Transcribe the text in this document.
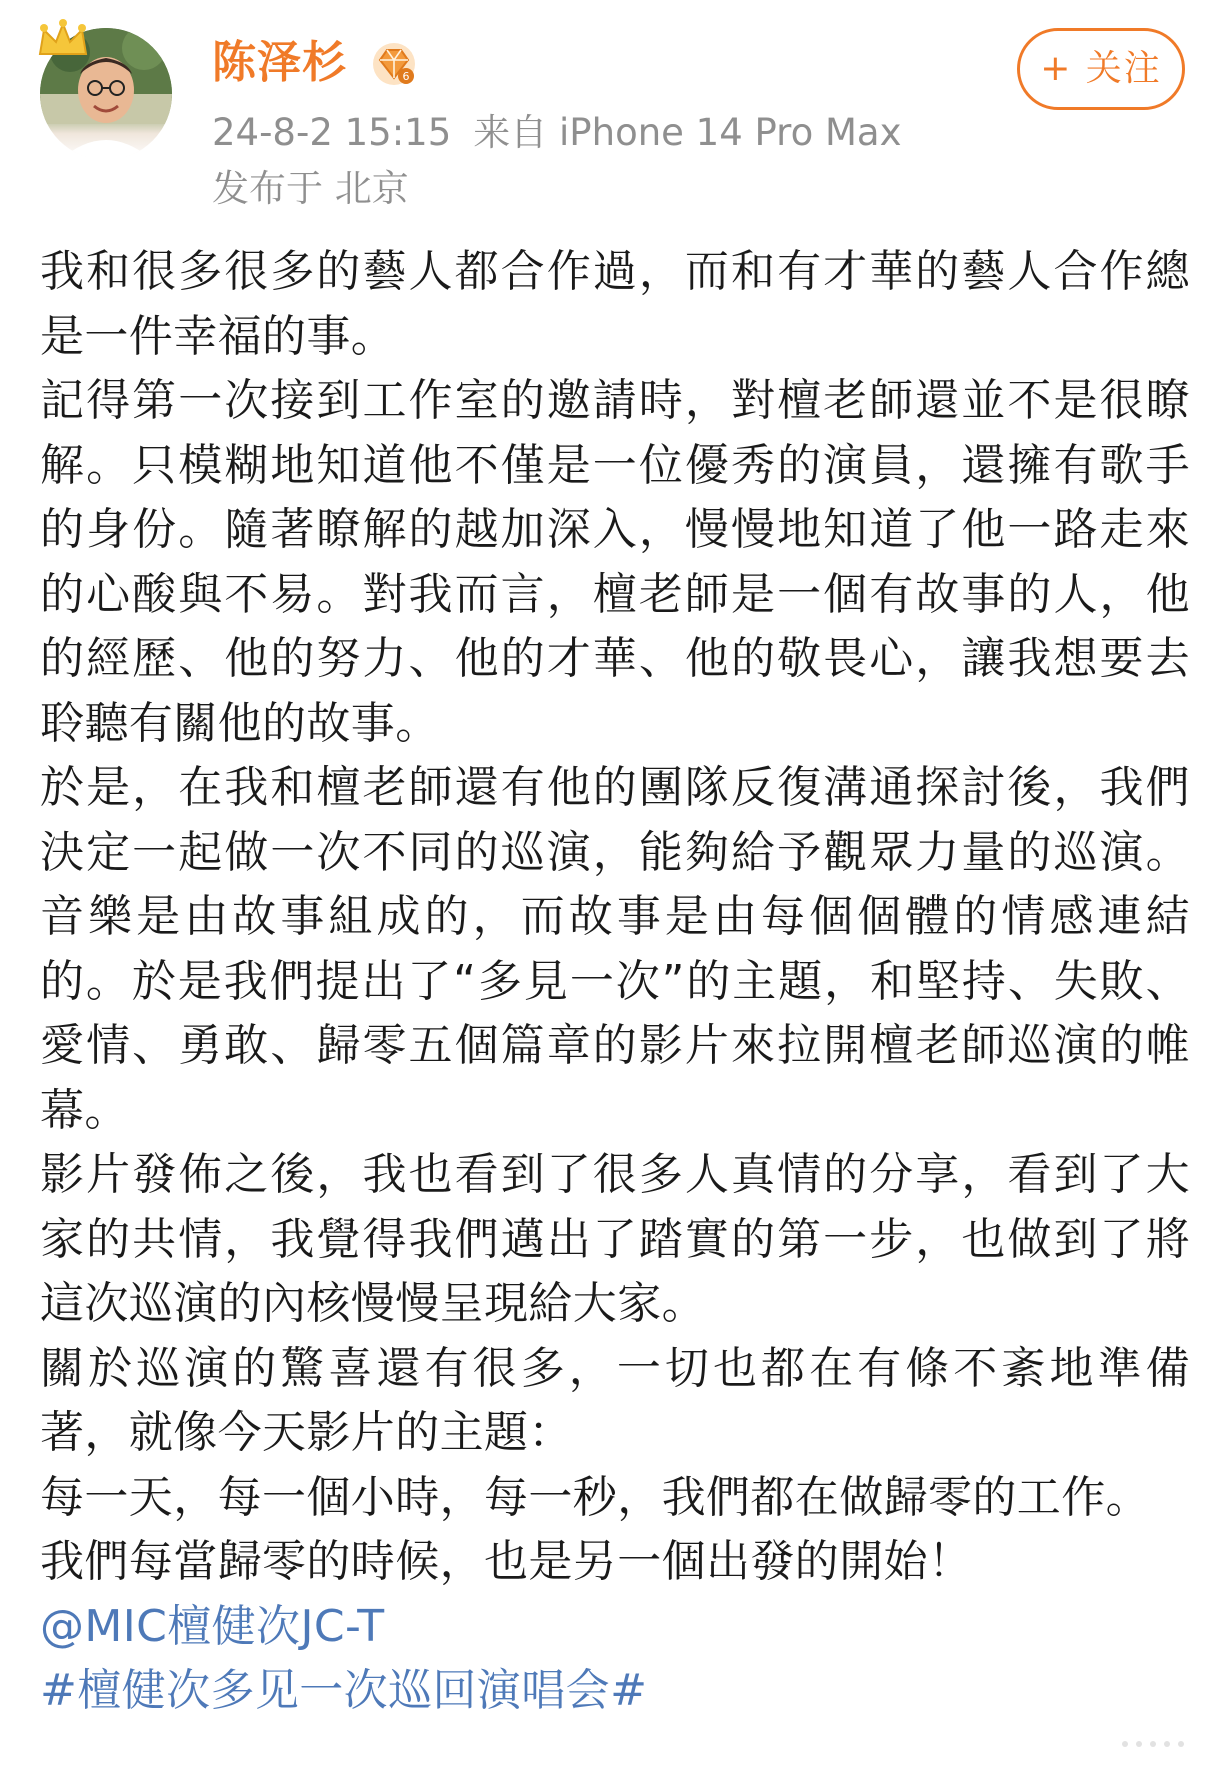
陈泽杉	6	+ 关注
24-8-2 15:15 来自 iPhone 14 Pro Max
发布于 北京

我和很多很多的藝人都合作過，而和有才華的藝人合作總是一件幸福的事。

記得第一次接到工作室的邀請時，對檀老師還並不是很瞭解。只模糊地知道他不僅是一位優秀的演員，還擁有歌手的身份。隨著瞭解的越加深入，慢慢地知道了他一路走來的心酸與不易。對我而言，檀老師是一個有故事的人，他的經歷、他的努力、他的才華、他的敬畏心，讓我想要去聆聽有關他的故事。

於是，在我和檀老師還有他的團隊反復溝通探討後，我們決定一起做一次不同的巡演，能夠給予觀眾力量的巡演。音樂是由故事組成的，而故事是由每個個體的情感連結的。於是我們提出了“多見一次”的主題，和堅持、失敗、愛情、勇敢、歸零五個篇章的影片來拉開檀老師巡演的帷幕。

影片發佈之後，我也看到了很多人真情的分享，看到了大家的共情，我覺得我們邁出了踏實的第一步，也做到了將這次巡演的內核慢慢呈現給大家。

關於巡演的驚喜還有很多，一切也都在有條不紊地準備著，就像今天影片的主題：

每一天，每一個小時，每一秒，我們都在做歸零的工作。

我們每當歸零的時候，也是另一個出發的開始！

@MIC檀健次JC-T

#檀健次多见一次巡回演唱会#
